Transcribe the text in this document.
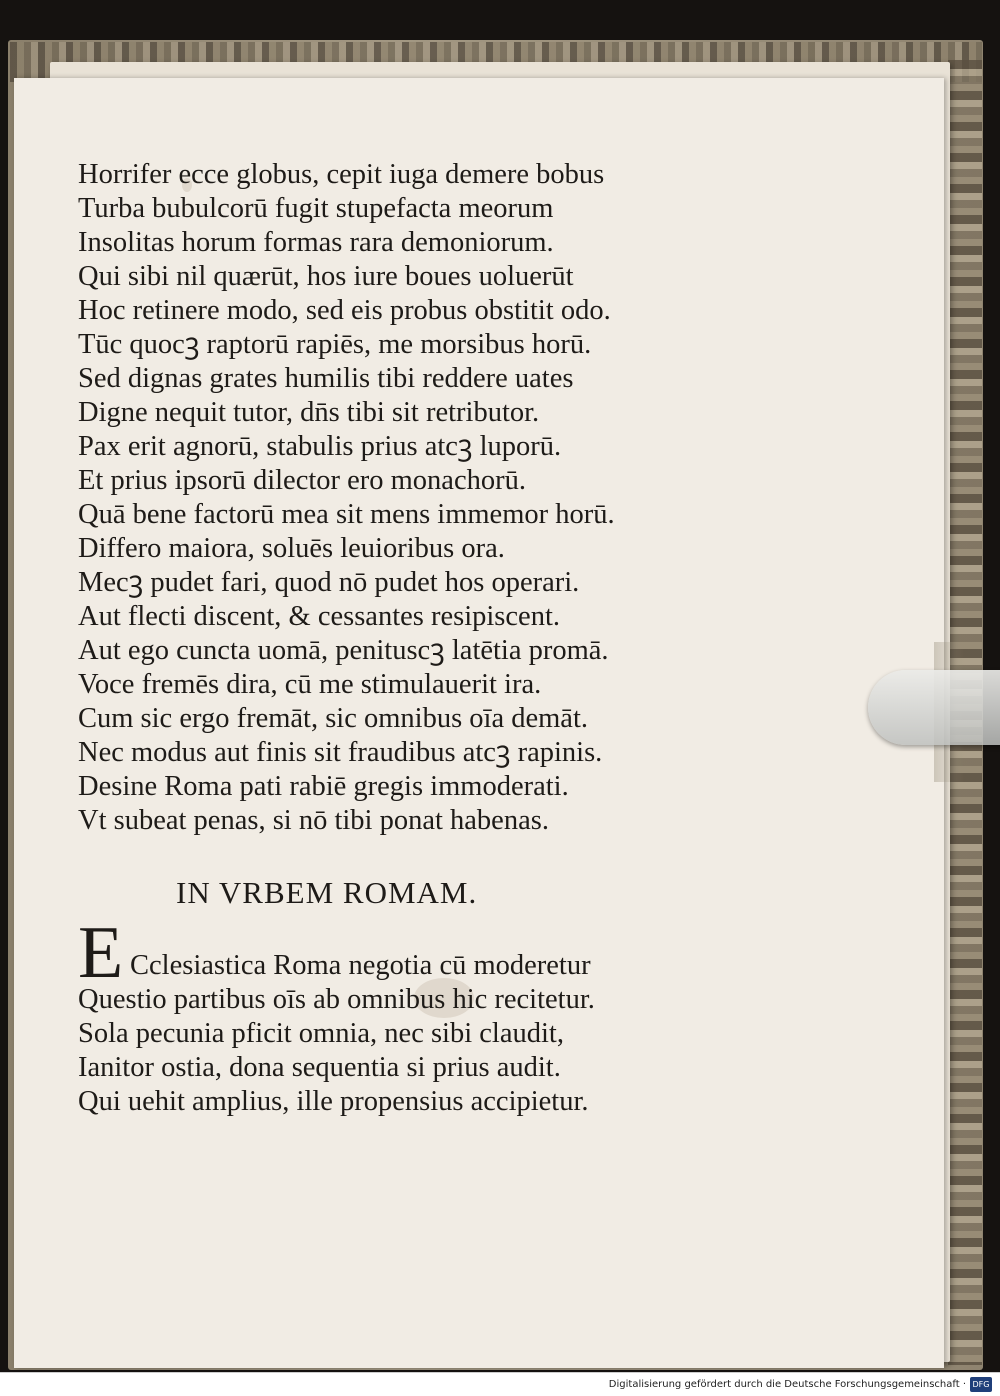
Horrifer ecce globus, cepit iuga demere bobus
Turba bubulcorū fugit stupefacta meorum
Insolitas horum formas rara demoniorum.
Qui sibi nil quærūt, hos iure boues uoluerūt
Hoc retinere modo, sed eis probus obstitit odo.
Tūc quocꝫ raptorū rapiēs, me morsibus horū.
Sed dignas grates humilis tibi reddere uates
Digne nequit tutor, dn̄s tibi sit retributor.
Pax erit agnorū, stabulis prius atcꝫ luporū.
Et prius ipsorū dilector ero monachorū.
Quā bene factorū mea sit mens immemor horū.
Differo maiora, soluēs leuioribus ora.
Mecꝫ pudet fari, quod nō pudet hos operari.
Aut flecti discent, & cessantes resipiscent.
Aut ego cuncta uomā, penituscꝫ latētia promā.
Voce fremēs dira, cū me stimulauerit ira.
Cum sic ergo fremāt, sic omnibus oīa demāt.
Nec modus aut finis sit fraudibus atcꝫ rapinis.
Desine Roma pati rabiē gregis immoderati.
Vt subeat penas, si nō tibi ponat habenas.
IN VRBEM ROMAM.
E Cclesiastica Roma negotia cū moderetur
Questio partibus oīs ab omnibus hic recitetur.
Sola pecunia pficit omnia, nec sibi claudit,
Ianitor ostia, dona sequentia si prius audit.
Qui uehit amplius, ille propensius accipietur.
Digitalisierung gefördert durch die Deutsche Forschungsgemeinschaft · DFG
